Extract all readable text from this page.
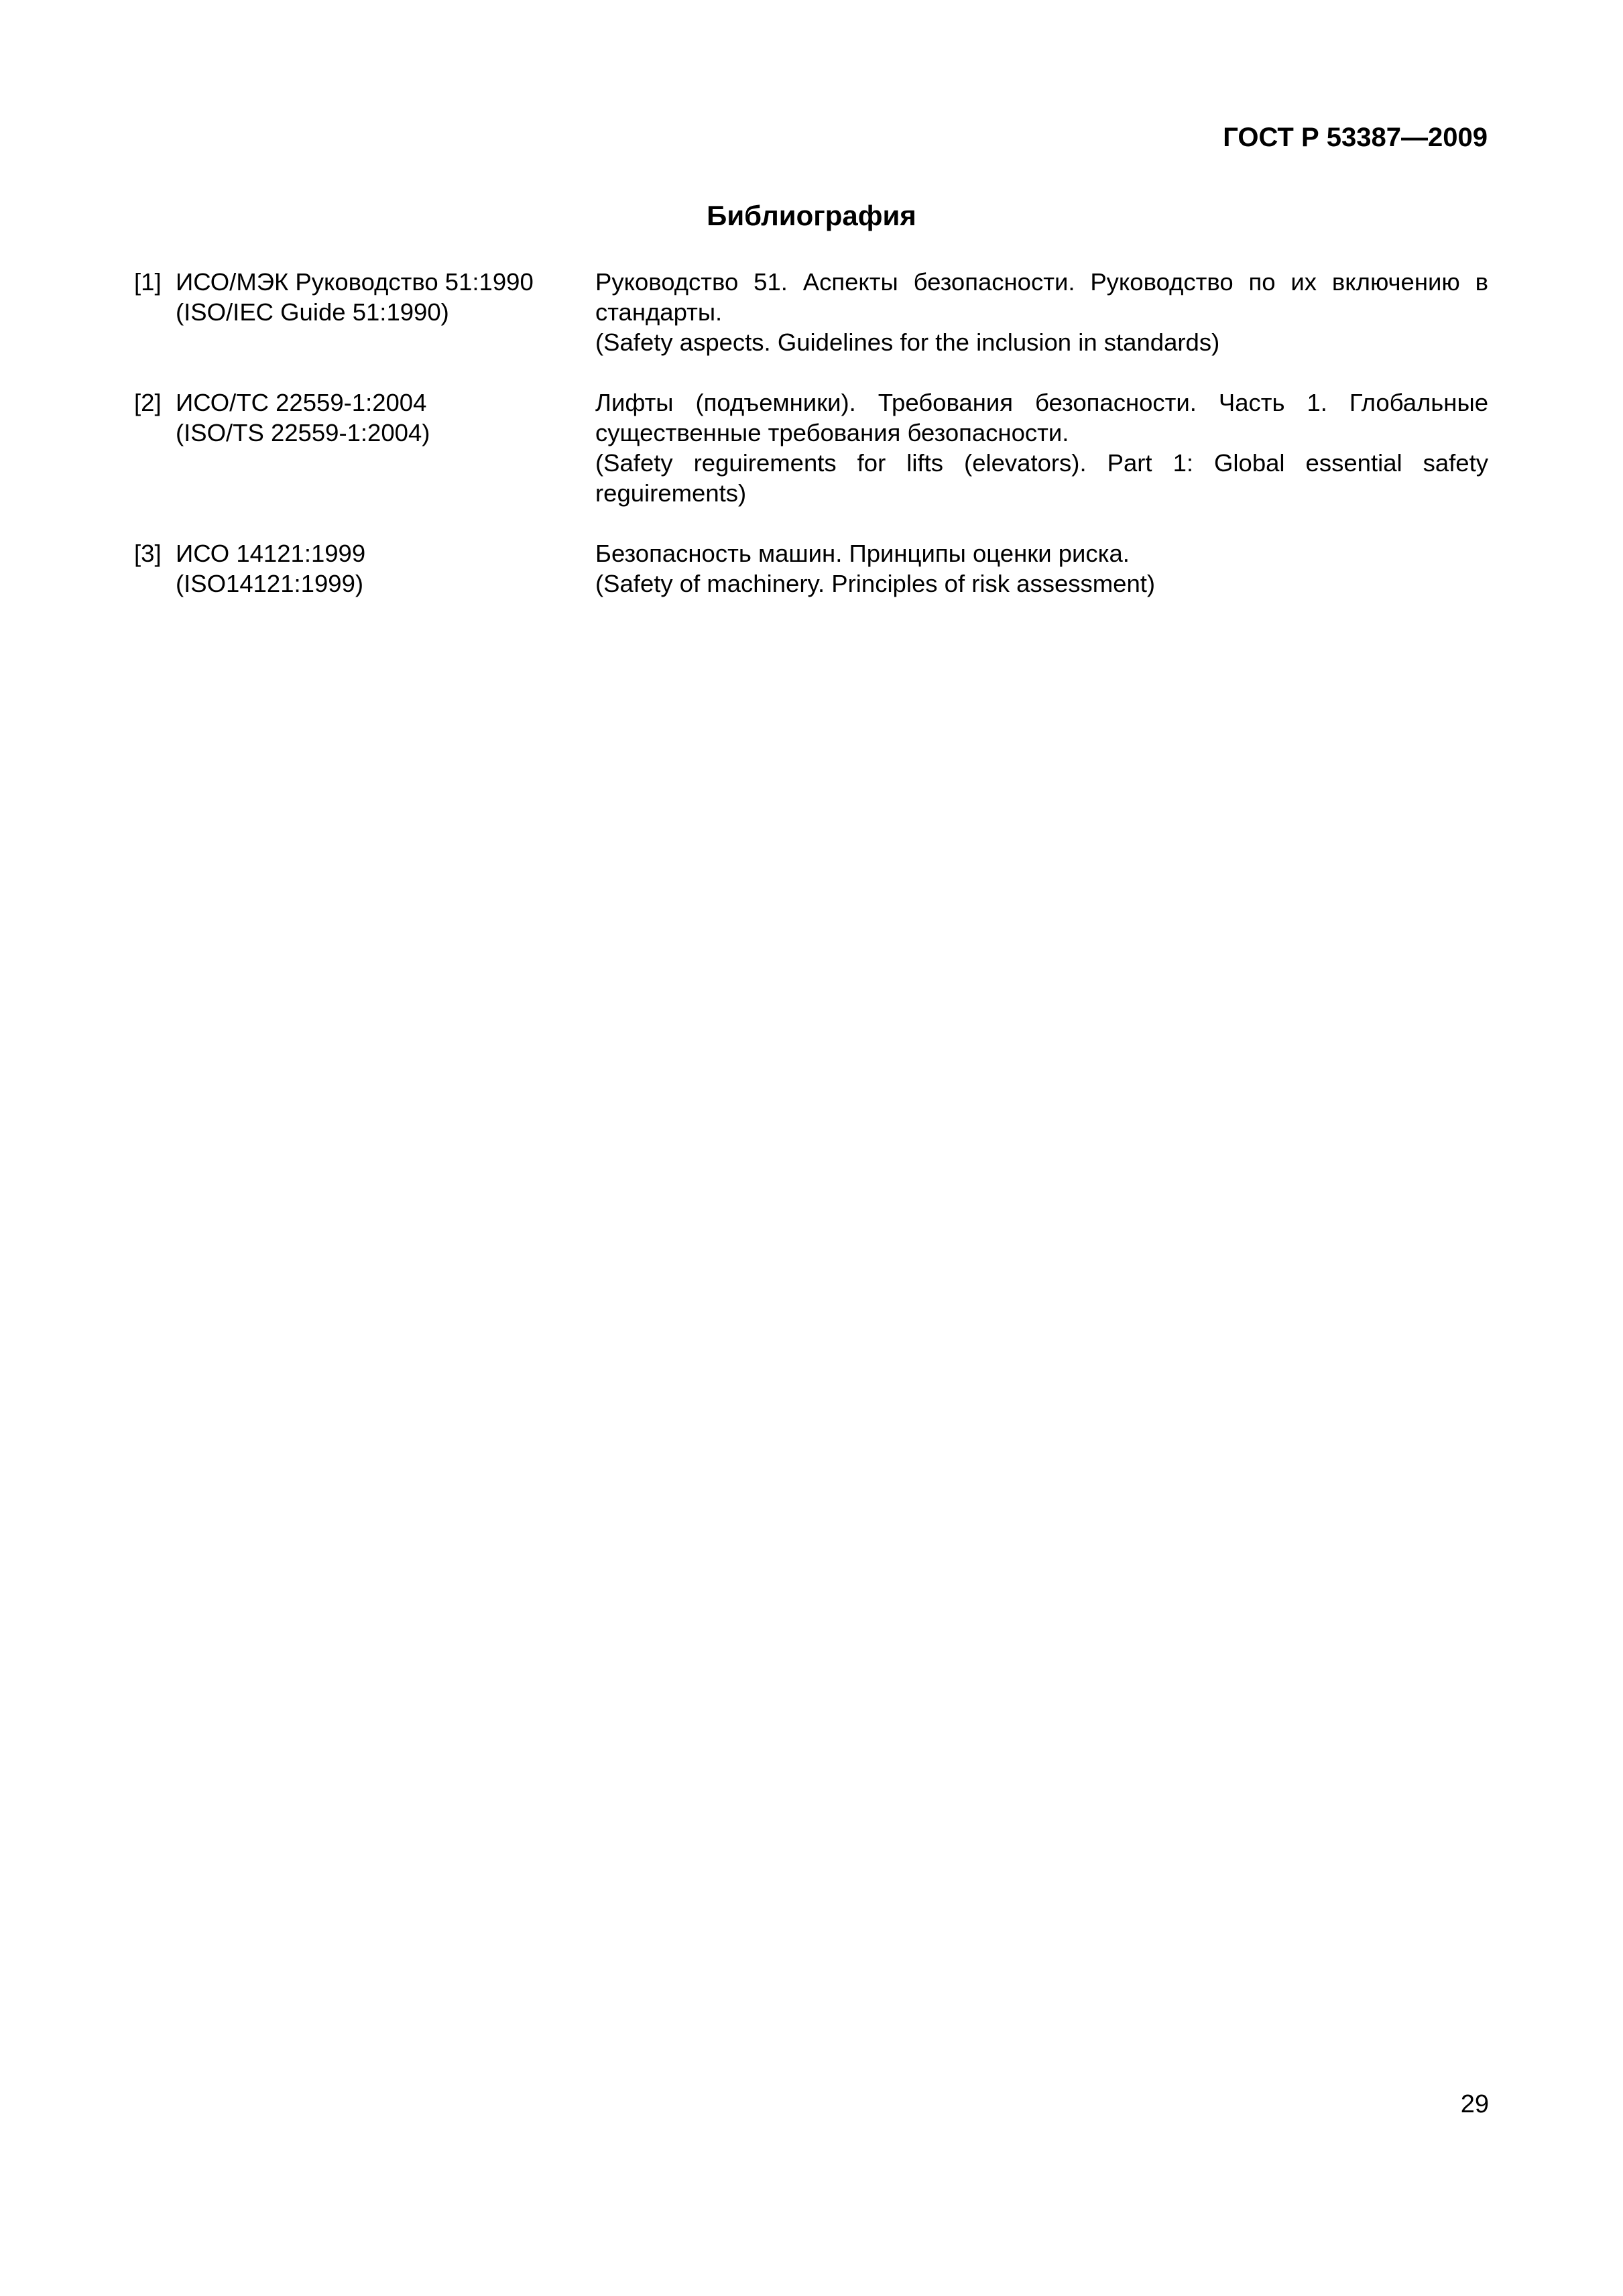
ГОСТ Р 53387—2009
Библиография
[1] ИСО/МЭК Руководство 51:1990
(ISO/IEC Guide 51:1990)
Руководство 51. Аспекты безопасности. Руководство по их включению в стандарты.
(Safety aspects. Guidelines for the inclusion in standards)
[2] ИСО/ТС 22559-1:2004
(ISO/TS 22559-1:2004)
Лифты (подъемники). Требования безопасности. Часть 1. Глобальные существенные требования безопасности.
(Safety reguirements for lifts (elevators). Part 1: Global essential safety reguirements)
[3] ИСО 14121:1999
(ISO14121:1999)
Безопасность машин. Принципы оценки риска.
(Safety of machinery. Principles of risk assessment)
29
